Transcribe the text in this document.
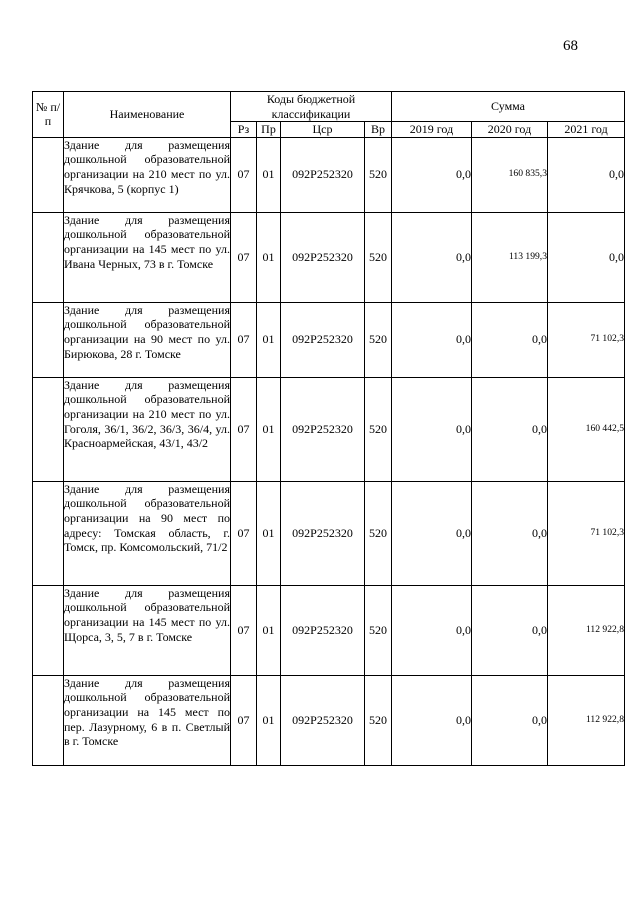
68
№ п/п	Наименование	Коды бюджетной классификации				Сумма		
		Рз	Пр	Цср	Вр	2019 год	2020 год	2021 год
	Здание для размещения дошкольной образовательной организации на 210 мест по ул. Крячкова, 5 (корпус 1)	07	01	092P252320	520	0,0	160 835,3	0,0
	Здание для размещения дошкольной образовательной организации на 145 мест по ул. Ивана Черных, 73 в г. Томске	07	01	092P252320	520	0,0	113 199,3	0,0
	Здание для размещения дошкольной образовательной организации на 90 мест по ул. Бирюкова, 28 г. Томске	07	01	092P252320	520	0,0	0,0	71 102,3
	Здание для размещения дошкольной образовательной организации на 210 мест по ул. Гоголя, 36/1, 36/2, 36/3, 36/4, ул. Красноармейская, 43/1, 43/2	07	01	092P252320	520	0,0	0,0	160 442,5
	Здание для размещения дошкольной образовательной организации на 90 мест по адресу: Томская область, г. Томск, пр. Комсомольский, 71/2	07	01	092P252320	520	0,0	0,0	71 102,3
	Здание для размещения дошкольной образовательной организации на 145 мест по ул. Щорса, 3, 5, 7 в г. Томске	07	01	092P252320	520	0,0	0,0	112 922,8
	Здание для размещения дошкольной образовательной организации на 145 мест по пер. Лазурному, 6 в п. Светлый в г. Томске	07	01	092P252320	520	0,0	0,0	112 922,8
